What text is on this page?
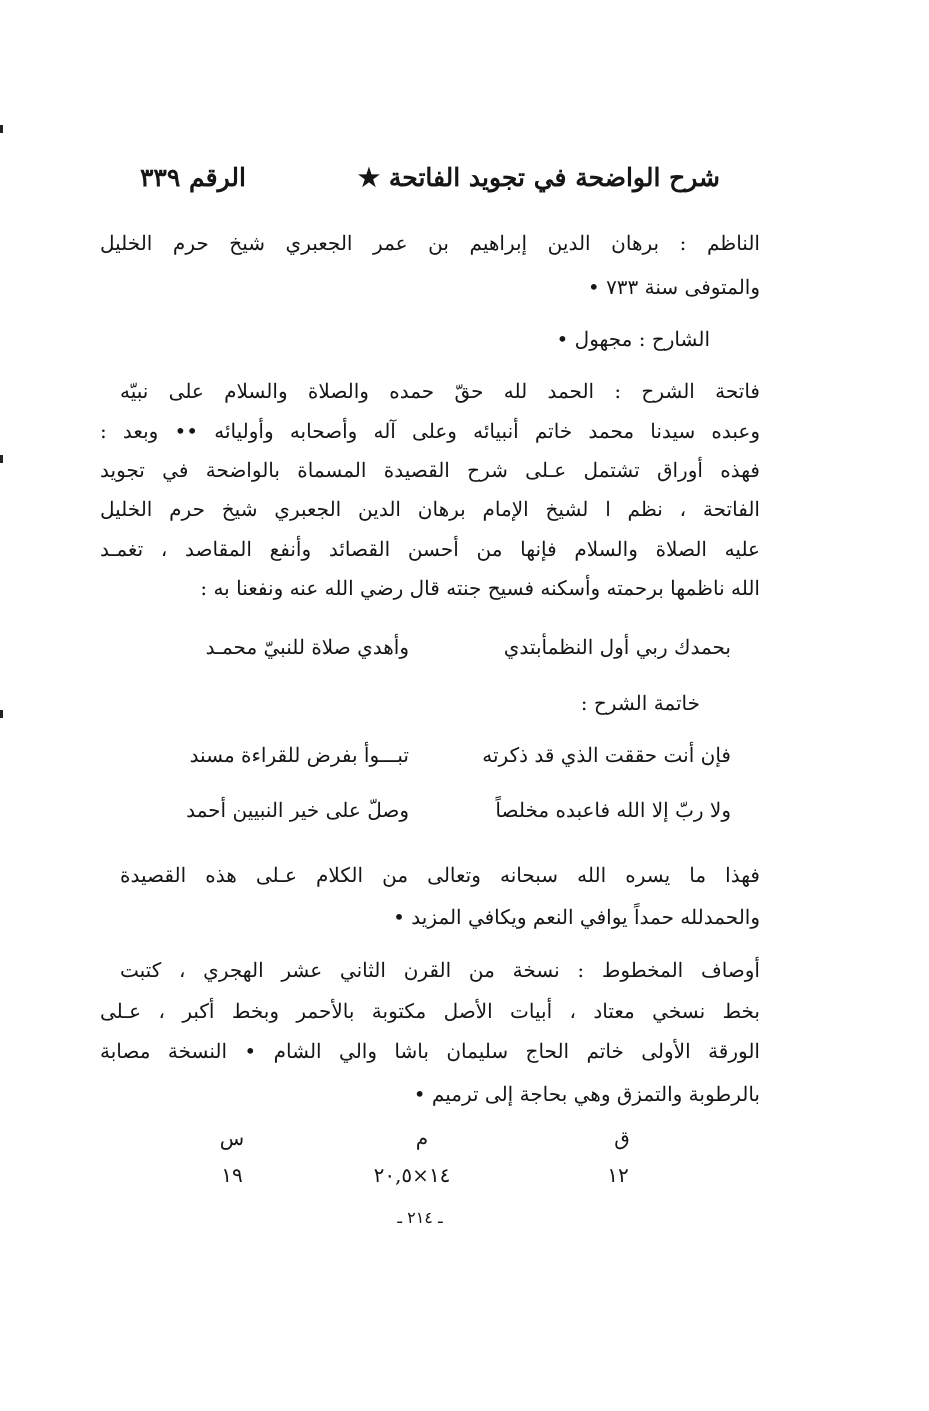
شرح الواضحة في تجويد الفاتحة ★
الرقم ٣٣٩
الناظم : برهان الدين إبراهيم بن عمر الجعبري شيخ حرم الخليل
والمتوفى سنة ٧٣٣ •
الشارح : مجهول •
فاتحة الشرح : الحمد لله حقّ حمده والصلاة والسلام على نبيّه
وعبده سيدنا محمد خاتم أنبيائه وعلى آله وأصحابه وأوليائه •• وبعد :
فهذه أوراق تشتمل عـلى شرح القصيدة المسماة بالواضحة في تجويد
الفاتحة ، نظم ا لشيخ الإمام برهان الدين الجعبري شيخ حرم الخليل
عليه الصلاة والسلام فإنها من أحسن القصائد وأنفع المقاصد ، تغمـد
الله ناظمها برحمته وأسكنه فسيح جنته قال رضي الله عنه ونفعنا به :
بحمدك ربي أول النظمأبتدي
وأهدي صلاة للنبيّ محمـد
خاتمة الشرح :
فإن أنت حققت الذي قد ذكرته
تبـــوأ بفرض للقراءة مسند
ولا ربّ إلا الله فاعبده مخلصاً
وصلّ على خير النبيين أحمد
فهذا ما يسره الله سبحانه وتعالى من الكلام عـلى هذه القصيدة
والحمدلله حمداً يوافي النعم ويكافي المزيد •
أوصاف المخطوط : نسخة من القرن الثاني عشر الهجري ، كتبت
بخط نسخي معتاد ، أبيات الأصل مكتوبة بالأحمر وبخط أكبر ، عـلى
الورقة الأولى خاتم الحاج سليمان باشا والي الشام • النسخة مصابة
بالرطوبة والتمزق وهي بحاجة إلى ترميم •
ق
م
س
١٢
١٤×٢٠,٥
١٩
ـ ٢١٤ ـ
